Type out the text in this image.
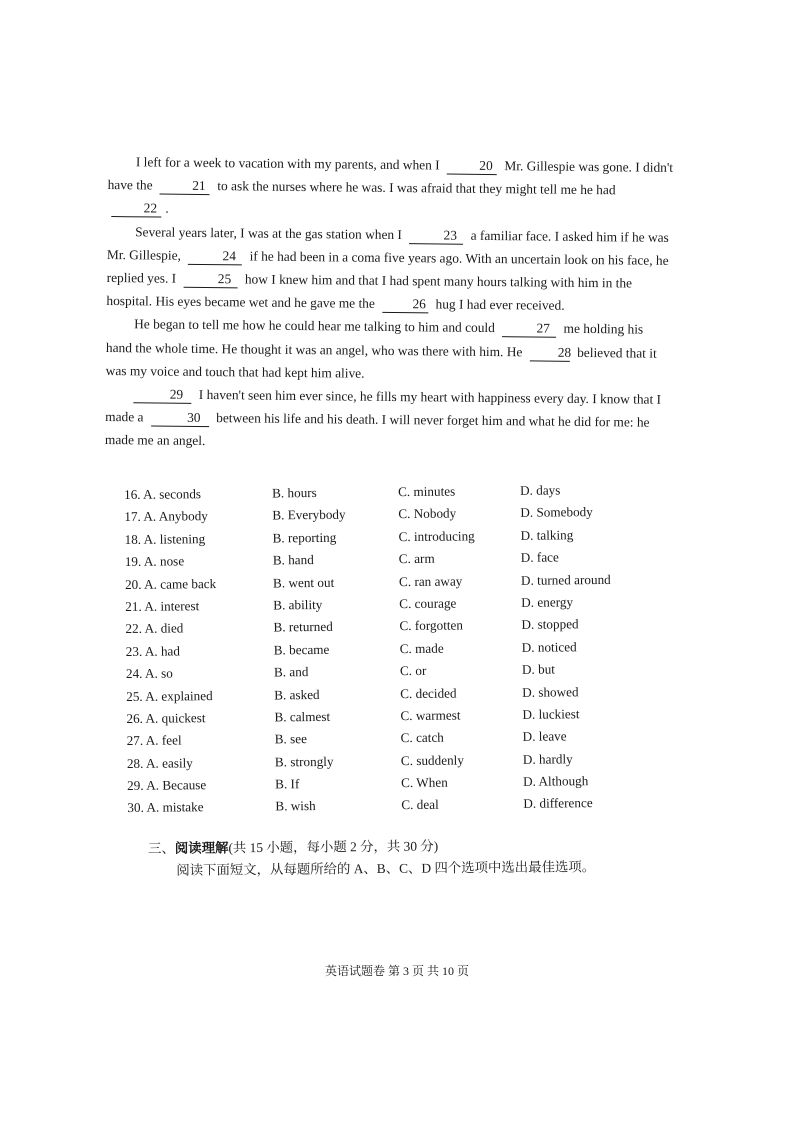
I left for a week to vacation with my parents, and when I	20 Mr. Gillespie was gone. I didn't have the	21 to ask the nurses where he was. I was afraid that they might tell me he had 22 .

Several years later, I was at the gas station when I	23 a familiar face. I asked him if he was Mr. Gillespie,	24 if he had been in a coma five years ago. With an uncertain look on his face, he replied yes. I	25 how I knew him and that I had spent many hours talking with him in the hospital. His eyes became wet and he gave me the	26 hug I had ever received.

He began to tell me how he could hear me talking to him and could	27 me holding his hand the whole time. He thought it was an angel, who was there with him. He	28 believed that it was my voice and touch that had kept him alive.

29 I haven't seen him ever since, he fills my heart with happiness every day. I know that I made a	30 between his life and his death. I will never forget him and what he did for me: he made me an angel.

16. A. seconds	B. hours	C. minutes	D. days
17. A. Anybody	B. Everybody	C. Nobody	D. Somebody
18. A. listening	B. reporting	C. introducing	D. talking
19. A. nose	B. hand	C. arm	D. face
20. A. came back	B. went out	C. ran away	D. turned around
21. A. interest	B. ability	C. courage	D. energy
22. A. died	B. returned	C. forgotten	D. stopped
23. A. had	B. became	C. made	D. noticed
24. A. so	B. and	C. or	D. but
25. A. explained	B. asked	C. decided	D. showed
26. A. quickest	B. calmest	C. warmest	D. luckiest
27. A. feel	B. see	C. catch	D. leave
28. A. easily	B. strongly	C. suddenly	D. hardly
29. A. Because	B. If	C. When	D. Although
30. A. mistake	B. wish	C. deal	D. difference
三、阅读理解(共 15 小题，每小题 2 分，共 30 分)
阅读下面短文，从每题所给的 A、B、C、D 四个选项中选出最佳选项。
英语试题卷 第 3 页 共 10 页
